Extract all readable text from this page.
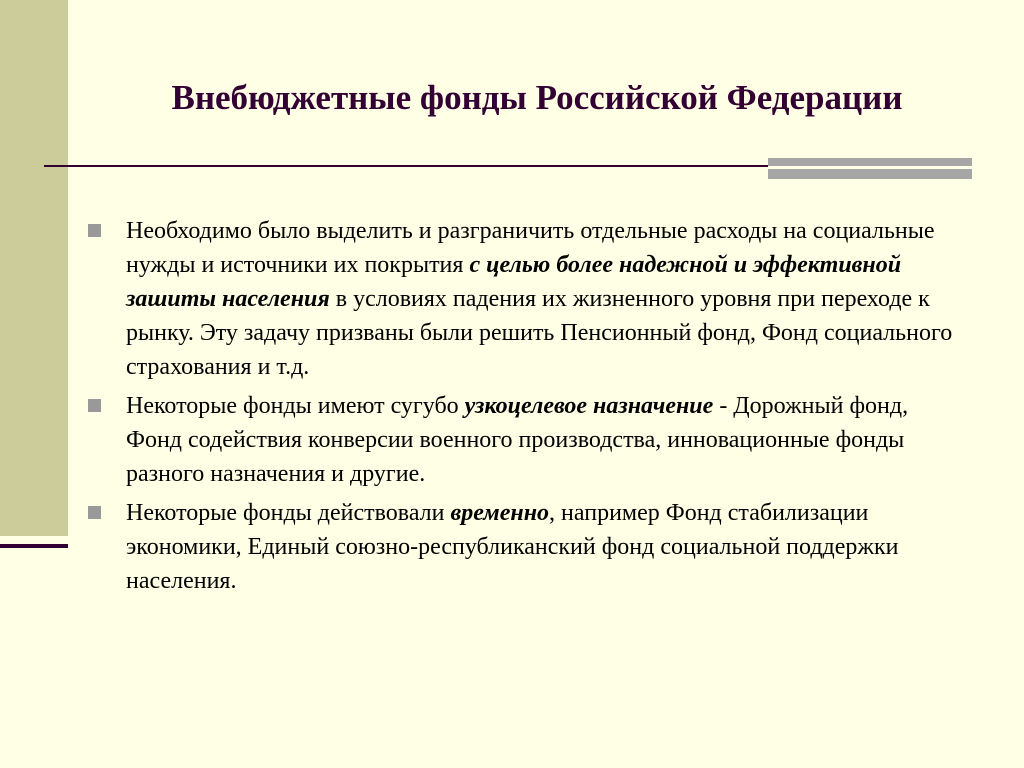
Внебюджетные фонды Российской Федерации
Необходимо было выделить и разграничить отдельные расходы на социальные нужды и источники их покрытия с целью более надежной и эффективной зашиты населения в условиях падения их жизненного уровня при переходе к рынку. Эту задачу призваны были решить Пенсионный фонд, Фонд социального страхования и т.д.
Некоторые фонды имеют сугубо узкоцелевое назначение - Дорожный фонд, Фонд содействия конверсии военного производства, инновационные фонды разного назначения и другие.
Некоторые фонды действовали временно, например Фонд стабилизации экономики, Единый союзно-республиканский фонд социальной поддержки населения.
